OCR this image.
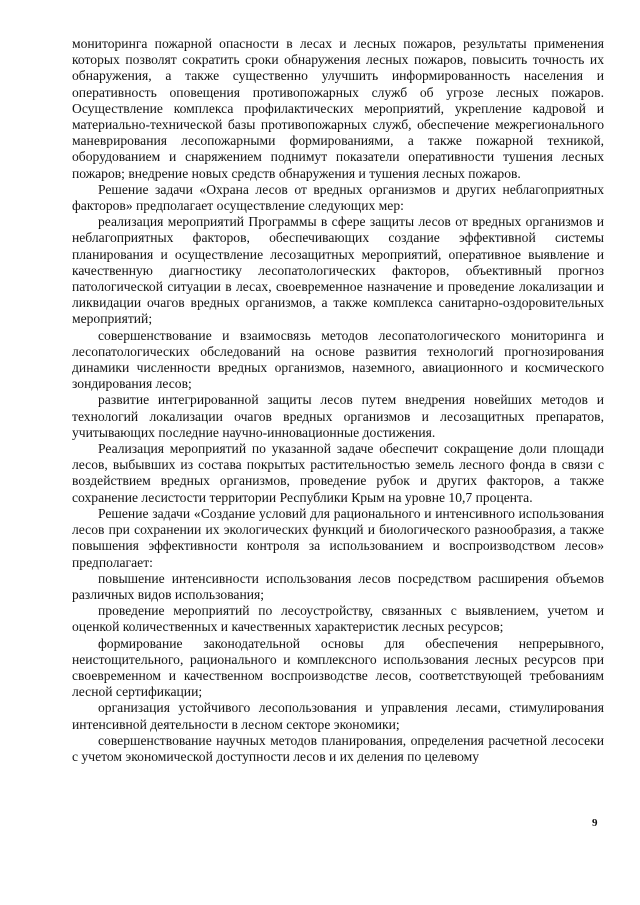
мониторинга пожарной опасности в лесах и лесных пожаров, результаты применения которых позволят сократить сроки обнаружения лесных пожаров, повысить точность их обнаружения, а также существенно улучшить информированность населения и оперативность оповещения противопожарных служб об угрозе лесных пожаров. Осуществление комплекса профилактических мероприятий, укрепление кадровой и материально-технической базы противопожарных служб, обеспечение межрегионального маневрирования лесопожарными формированиями, а также пожарной техникой, оборудованием и снаряжением поднимут показатели оперативности тушения лесных пожаров; внедрение новых средств обнаружения и тушения лесных пожаров.

Решение задачи «Охрана лесов от вредных организмов и других неблагоприятных факторов» предполагает осуществление следующих мер:

реализация мероприятий Программы в сфере защиты лесов от вредных организмов и неблагоприятных факторов, обеспечивающих создание эффективной системы планирования и осуществление лесозащитных мероприятий, оперативное выявление и качественную диагностику лесопатологических факторов, объективный прогноз патологической ситуации в лесах, своевременное назначение и проведение локализации и ликвидации очагов вредных организмов, а также комплекса санитарно-оздоровительных мероприятий;

совершенствование и взаимосвязь методов лесопатологического мониторинга и лесопатологических обследований на основе развития технологий прогнозирования динамики численности вредных организмов, наземного, авиационного и космического зондирования лесов;

развитие интегрированной защиты лесов путем внедрения новейших методов и технологий локализации очагов вредных организмов и лесозащитных препаратов, учитывающих последние научно-инновационные достижения.

Реализация мероприятий по указанной задаче обеспечит сокращение доли площади лесов, выбывших из состава покрытых растительностью земель лесного фонда в связи с воздействием вредных организмов, проведение рубок и других факторов, а также сохранение лесистости территории Республики Крым на уровне 10,7 процента.

Решение задачи «Создание условий для рационального и интенсивного использования лесов при сохранении их экологических функций и биологического разнообразия, а также повышения эффективности контроля за использованием и воспроизводством лесов» предполагает:

повышение интенсивности использования лесов посредством расширения объемов различных видов использования;

проведение мероприятий по лесоустройству, связанных с выявлением, учетом и оценкой количественных и качественных характеристик лесных ресурсов;

формирование законодательной основы для обеспечения непрерывного, неистощительного, рационального и комплексного использования лесных ресурсов при своевременном и качественном воспроизводстве лесов, соответствующей требованиям лесной сертификации;

организация устойчивого лесопользования и управления лесами, стимулирования интенсивной деятельности в лесном секторе экономики;

совершенствование научных методов планирования, определения расчетной лесосеки с учетом экономической доступности лесов и их деления по целевому

9
